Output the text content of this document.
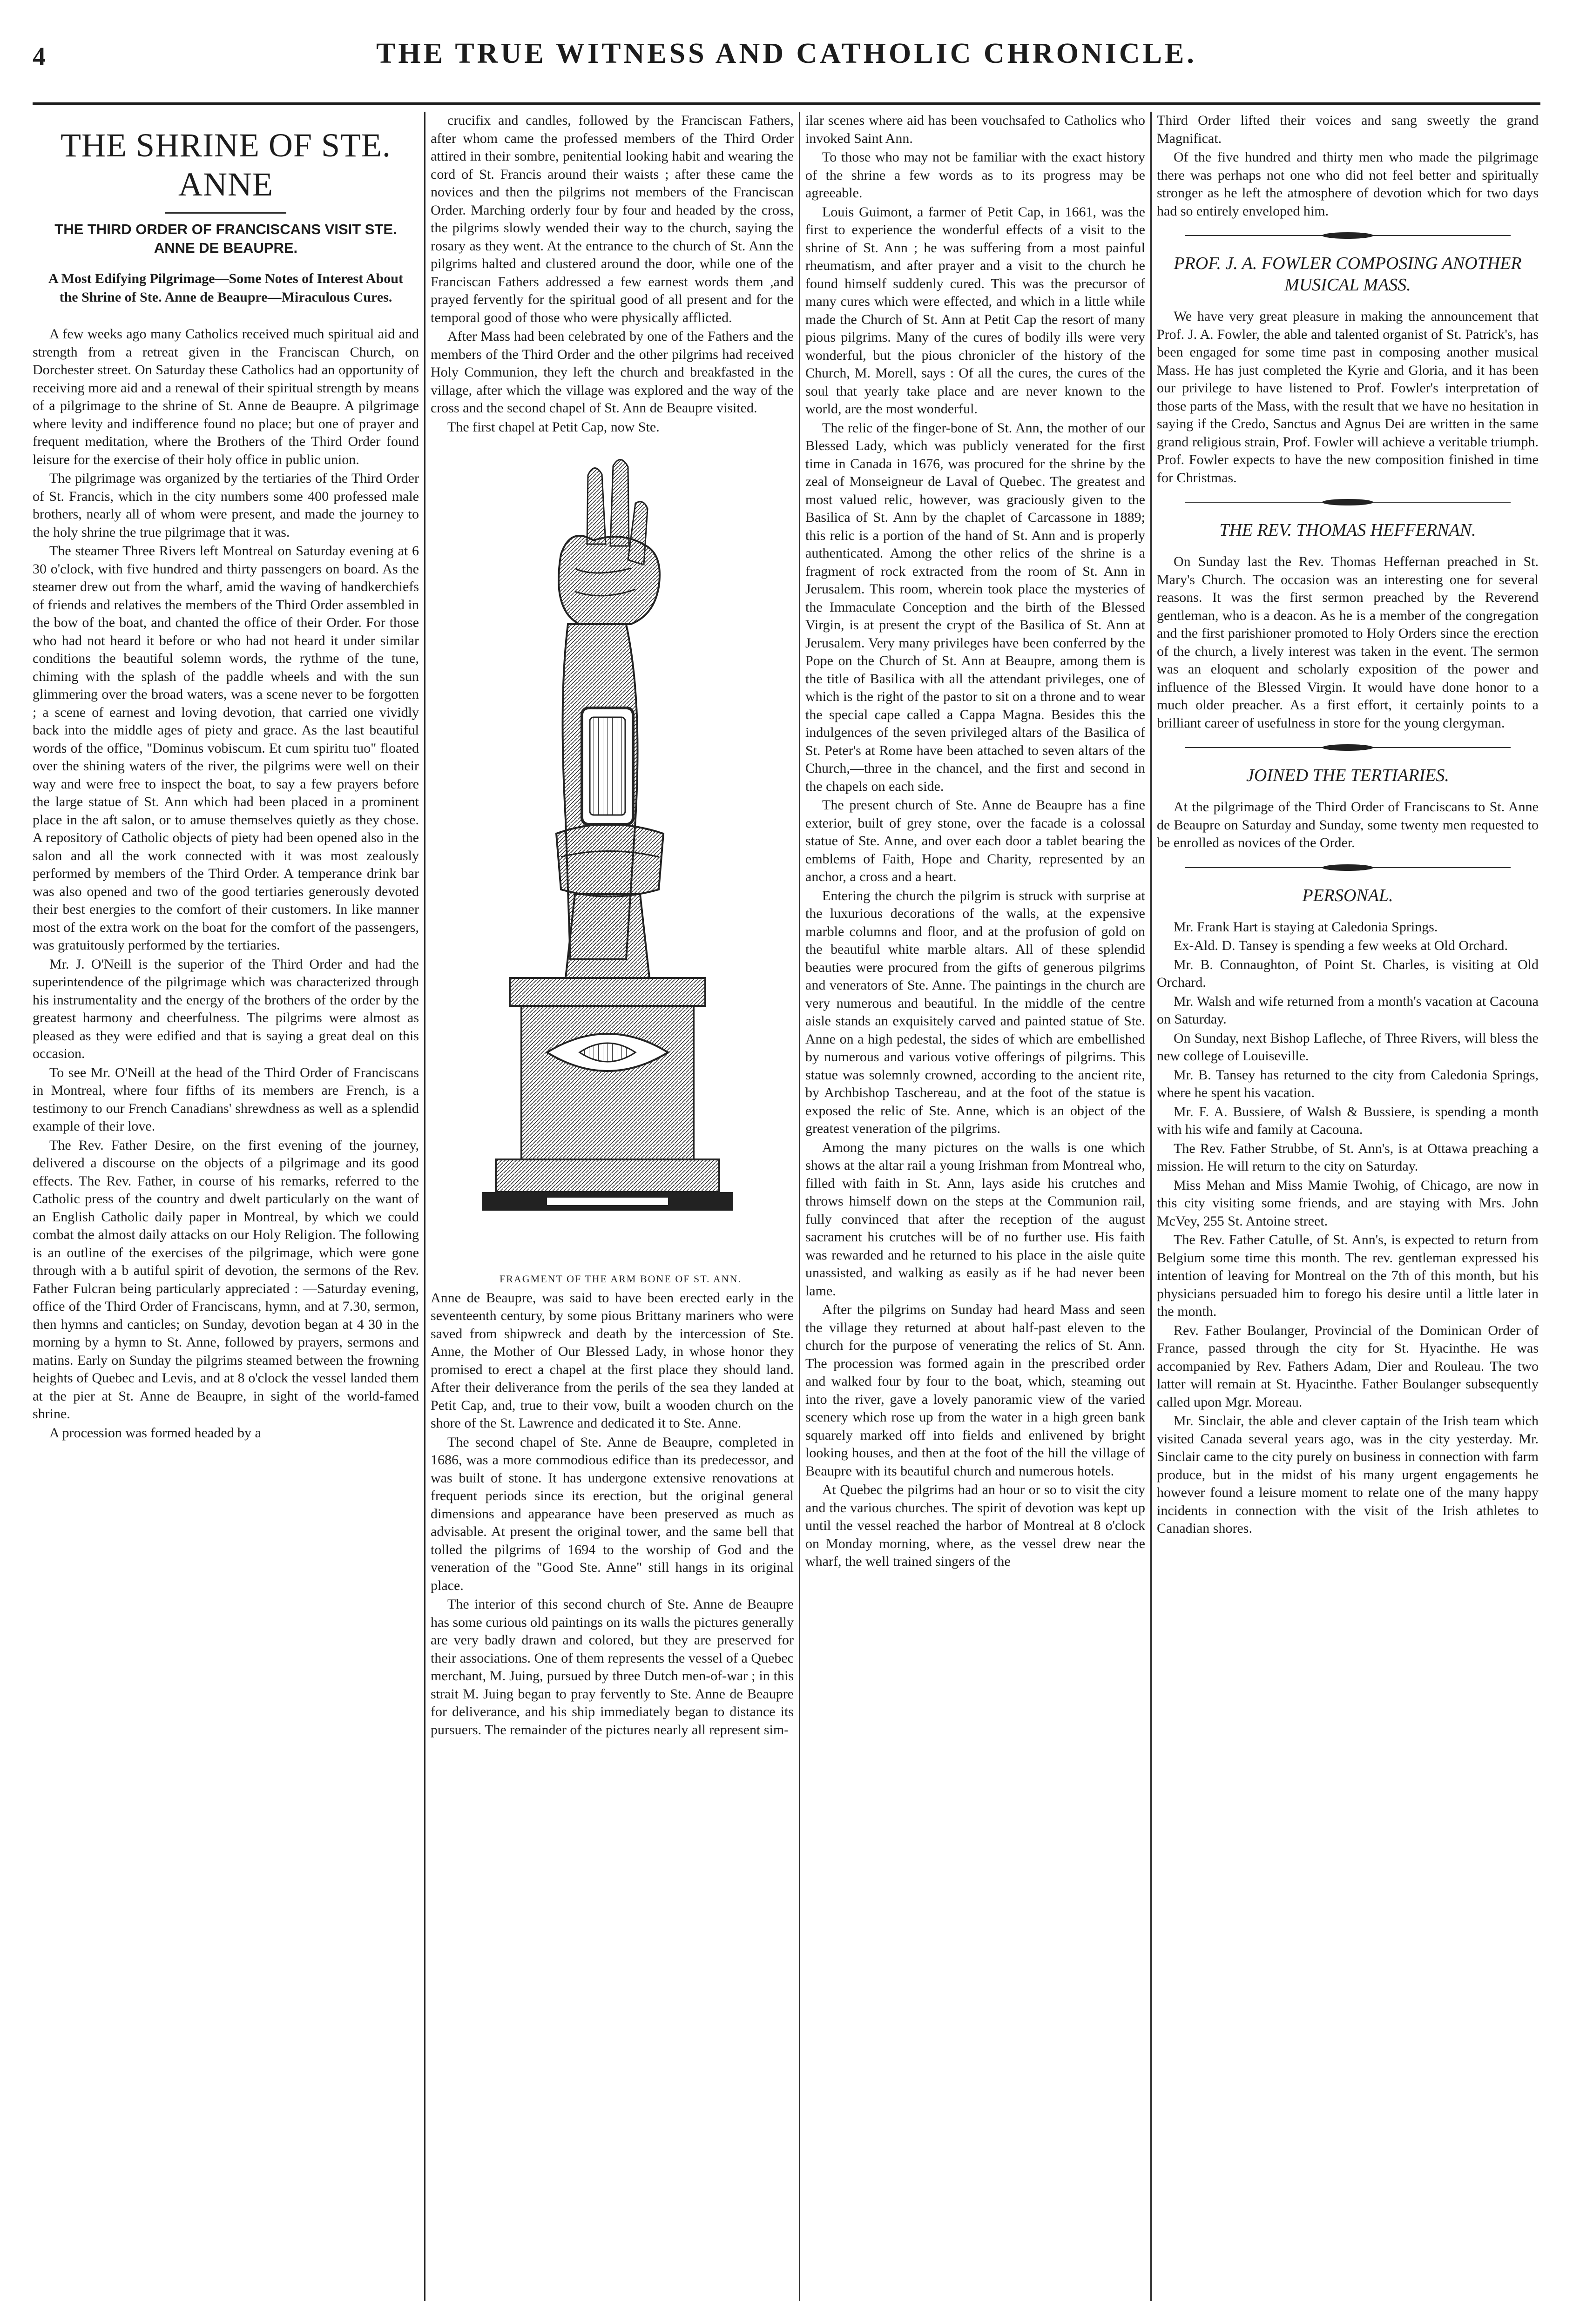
4	THE TRUE WITNESS AND CATHOLIC CHRONICLE.
THE SHRINE OF STE. ANNE
THE THIRD ORDER OF FRANCISCANS VISIT STE. ANNE DE BEAUPRE.
A Most Edifying Pilgrimage—Some Notes of Interest About the Shrine of Ste. Anne de Beaupre—Miraculous Cures.

A few weeks ago many Catholics received much spiritual aid and strength from a retreat given in the Franciscan Church, on Dorchester street. On Saturday these Catholics had an opportunity of receiving more aid and a renewal of their spiritual strength by means of a pilgrimage to the shrine of St. Anne de Beaupre. A pilgrimage where levity and indifference found no place; but one of prayer and frequent meditation, where the Brothers of the Third Order found leisure for the exercise of their holy office in public union.

The pilgrimage was organized by the tertiaries of the Third Order of St. Francis, which in the city numbers some 400 professed male brothers, nearly all of whom were present, and made the journey to the holy shrine the true pilgrimage that it was.

The steamer Three Rivers left Montreal on Saturday evening at 6 30 o'clock, with five hundred and thirty passengers on board. As the steamer drew out from the wharf, amid the waving of handkerchiefs of friends and relatives the members of the Third Order assembled in the bow of the boat, and chanted the office of their Order. For those who had not heard it before or who had not heard it under similar conditions the beautiful solemn words, the rythme of the tune, chiming with the splash of the paddle wheels and with the sun glimmering over the broad waters, was a scene never to be forgotten ; a scene of earnest and loving devotion, that carried one vividly back into the middle ages of piety and grace. As the last beautiful words of the office, "Dominus vobiscum. Et cum spiritu tuo" floated over the shining waters of the river, the pilgrims were well on their way and were free to inspect the boat, to say a few prayers before the large statue of St. Ann which had been placed in a prominent place in the aft salon, or to amuse themselves quietly as they chose. A repository of Catholic objects of piety had been opened also in the salon and all the work connected with it was most zealously performed by members of the Third Order. A temperance drink bar was also opened and two of the good tertiaries generously devoted their best energies to the comfort of their customers. In like manner most of the extra work on the boat for the comfort of the passengers, was gratuitously performed by the tertiaries.

Mr. J. O'Neill is the superior of the Third Order and had the superintendence of the pilgrimage which was characterized through his instrumentality and the energy of the brothers of the order by the greatest harmony and cheerfulness. The pilgrims were almost as pleased as they were edified and that is saying a great deal on this occasion.

To see Mr. O'Neill at the head of the Third Order of Franciscans in Montreal, where four fifths of its members are French, is a testimony to our French Canadians' shrewdness as well as a splendid example of their love.

The Rev. Father Desire, on the first evening of the journey, delivered a discourse on the objects of a pilgrimage and its good effects. The Rev. Father, in course of his remarks, referred to the Catholic press of the country and dwelt particularly on the want of an English Catholic daily paper in Montreal, by which we could combat the almost daily attacks on our Holy Religion. The following is an outline of the exercises of the pilgrimage, which were gone through with a b autiful spirit of devotion, the sermons of the Rev. Father Fulcran being particularly appreciated : —Saturday evening, office of the Third Order of Franciscans, hymn, and at 7.30, sermon, then hymns and canticles; on Sunday, devotion began at 4 30 in the morning by a hymn to St. Anne, followed by prayers, sermons and matins. Early on Sunday the pilgrims steamed between the frowning heights of Quebec and Levis, and at 8 o'clock the vessel landed them at the pier at St. Anne de Beaupre, in sight of the world-famed shrine.

A procession was formed headed by a

crucifix and candles, followed by the Franciscan Fathers, after whom came the professed members of the Third Order attired in their sombre, penitential looking habit and wearing the cord of St. Francis around their waists ; after these came the novices and then the pilgrims not members of the Franciscan Order. Marching orderly four by four and headed by the cross, the pilgrims slowly wended their way to the church, saying the rosary as they went. At the entrance to the church of St. Ann the pilgrims halted and clustered around the door, while one of the Franciscan Fathers addressed a few earnest words them ,and prayed fervently for the spiritual good of all present and for the temporal good of those who were physically afflicted.

After Mass had been celebrated by one of the Fathers and the members of the Third Order and the other pilgrims had received Holy Communion, they left the church and breakfasted in the village, after which the village was explored and the way of the cross and the second chapel of St. Ann de Beaupre visited.

The first chapel at Petit Cap, now Ste.

FRAGMENT OF THE ARM BONE OF ST. ANN.

Anne de Beaupre, was said to have been erected early in the seventeenth century, by some pious Brittany mariners who were saved from shipwreck and death by the intercession of Ste. Anne, the Mother of Our Blessed Lady, in whose honor they promised to erect a chapel at the first place they should land. After their deliverance from the perils of the sea they landed at Petit Cap, and, true to their vow, built a wooden church on the shore of the St. Lawrence and dedicated it to Ste. Anne.

The second chapel of Ste. Anne de Beaupre, completed in 1686, was a more commodious edifice than its predecessor, and was built of stone. It has undergone extensive renovations at frequent periods since its erection, but the original general dimensions and appearance have been preserved as much as advisable. At present the original tower, and the same bell that tolled the pilgrims of 1694 to the worship of God and the veneration of the "Good Ste. Anne" still hangs in its original place.

The interior of this second church of Ste. Anne de Beaupre has some curious old paintings on its walls the pictures generally are very badly drawn and colored, but they are preserved for their associations. One of them represents the vessel of a Quebec merchant, M. Juing, pursued by three Dutch men-of-war ; in this strait M. Juing began to pray fervently to Ste. Anne de Beaupre for deliverance, and his ship immediately began to distance its pursuers. The remainder of the pictures nearly all represent sim-

ilar scenes where aid has been vouchsafed to Catholics who invoked Saint Ann.

To those who may not be familiar with the exact history of the shrine a few words as to its progress may be agreeable.

Louis Guimont, a farmer of Petit Cap, in 1661, was the first to experience the wonderful effects of a visit to the shrine of St. Ann ; he was suffering from a most painful rheumatism, and after prayer and a visit to the church he found himself suddenly cured. This was the precursor of many cures which were effected, and which in a little while made the Church of St. Ann at Petit Cap the resort of many pious pilgrims. Many of the cures of bodily ills were very wonderful, but the pious chronicler of the history of the Church, M. Morell, says : Of all the cures, the cures of the soul that yearly take place and are never known to the world, are the most wonderful.

The relic of the finger-bone of St. Ann, the mother of our Blessed Lady, which was publicly venerated for the first time in Canada in 1676, was procured for the shrine by the zeal of Monseigneur de Laval of Quebec. The greatest and most valued relic, however, was graciously given to the Basilica of St. Ann by the chaplet of Carcassone in 1889; this relic is a portion of the hand of St. Ann and is properly authenticated. Among the other relics of the shrine is a fragment of rock extracted from the room of St. Ann in Jerusalem. This room, wherein took place the mysteries of the Immaculate Conception and the birth of the Blessed Virgin, is at present the crypt of the Basilica of St. Ann at Jerusalem. Very many privileges have been conferred by the Pope on the Church of St. Ann at Beaupre, among them is the title of Basilica with all the attendant privileges, one of which is the right of the pastor to sit on a throne and to wear the special cape called a Cappa Magna. Besides this the indulgences of the seven privileged altars of the Basilica of St. Peter's at Rome have been attached to seven altars of the Church,—three in the chancel, and the first and second in the chapels on each side.

The present church of Ste. Anne de Beaupre has a fine exterior, built of grey stone, over the facade is a colossal statue of Ste. Anne, and over each door a tablet bearing the emblems of Faith, Hope and Charity, represented by an anchor, a cross and a heart.

Entering the church the pilgrim is struck with surprise at the luxurious decorations of the walls, at the expensive marble columns and floor, and at the profusion of gold on the beautiful white marble altars. All of these splendid beauties were procured from the gifts of generous pilgrims and venerators of Ste. Anne. The paintings in the church are very numerous and beautiful. In the middle of the centre aisle stands an exquisitely carved and painted statue of Ste. Anne on a high pedestal, the sides of which are embellished by numerous and various votive offerings of pilgrims. This statue was solemnly crowned, according to the ancient rite, by Archbishop Taschereau, and at the foot of the statue is exposed the relic of Ste. Anne, which is an object of the greatest veneration of the pilgrims.

Among the many pictures on the walls is one which shows at the altar rail a young Irishman from Montreal who, filled with faith in St. Ann, lays aside his crutches and throws himself down on the steps at the Communion rail, fully convinced that after the reception of the august sacrament his crutches will be of no further use. His faith was rewarded and he returned to his place in the aisle quite unassisted, and walking as easily as if he had never been lame.

After the pilgrims on Sunday had heard Mass and seen the village they returned at about half-past eleven to the church for the purpose of venerating the relics of St. Ann. The procession was formed again in the prescribed order and walked four by four to the boat, which, steaming out into the river, gave a lovely panoramic view of the varied scenery which rose up from the water in a high green bank squarely marked off into fields and enlivened by bright looking houses, and then at the foot of the hill the village of Beaupre with its beautiful church and numerous hotels.

At Quebec the pilgrims had an hour or so to visit the city and the various churches. The spirit of devotion was kept up until the vessel reached the harbor of Montreal at 8 o'clock on Monday morning, where, as the vessel drew near the wharf, the well trained singers of the

Third Order lifted their voices and sang sweetly the grand Magnificat.

Of the five hundred and thirty men who made the pilgrimage there was perhaps not one who did not feel better and spiritually stronger as he left the atmosphere of devotion which for two days had so entirely enveloped him.

PROF. J. A. FOWLER COMPOSING ANOTHER MUSICAL MASS.

We have very great pleasure in making the announcement that Prof. J. A. Fowler, the able and talented organist of St. Patrick's, has been engaged for some time past in composing another musical Mass. He has just completed the Kyrie and Gloria, and it has been our privilege to have listened to Prof. Fowler's interpretation of those parts of the Mass, with the result that we have no hesitation in saying if the Credo, Sanctus and Agnus Dei are written in the same grand religious strain, Prof. Fowler will achieve a veritable triumph. Prof. Fowler expects to have the new composition finished in time for Christmas.

THE REV. THOMAS HEFFERNAN.

On Sunday last the Rev. Thomas Heffernan preached in St. Mary's Church. The occasion was an interesting one for several reasons. It was the first sermon preached by the Reverend gentleman, who is a deacon. As he is a member of the congregation and the first parishioner promoted to Holy Orders since the erection of the church, a lively interest was taken in the event. The sermon was an eloquent and scholarly exposition of the power and influence of the Blessed Virgin. It would have done honor to a much older preacher. As a first effort, it certainly points to a brilliant career of usefulness in store for the young clergyman.

JOINED THE TERTIARIES.

At the pilgrimage of the Third Order of Franciscans to St. Anne de Beaupre on Saturday and Sunday, some twenty men requested to be enrolled as novices of the Order.

PERSONAL.

Mr. Frank Hart is staying at Caledonia Springs.

Ex-Ald. D. Tansey is spending a few weeks at Old Orchard.

Mr. B. Connaughton, of Point St. Charles, is visiting at Old Orchard.

Mr. Walsh and wife returned from a month's vacation at Cacouna on Saturday.

On Sunday, next Bishop Lafleche, of Three Rivers, will bless the new college of Louiseville.

Mr. B. Tansey has returned to the city from Caledonia Springs, where he spent his vacation.

Mr. F. A. Bussiere, of Walsh & Bussiere, is spending a month with his wife and family at Cacouna.

The Rev. Father Strubbe, of St. Ann's, is at Ottawa preaching a mission. He will return to the city on Saturday.

Miss Mehan and Miss Mamie Twohig, of Chicago, are now in this city visiting some friends, and are staying with Mrs. John McVey, 255 St. Antoine street.

The Rev. Father Catulle, of St. Ann's, is expected to return from Belgium some time this month. The rev. gentleman expressed his intention of leaving for Montreal on the 7th of this month, but his physicians persuaded him to forego his desire until a little later in the month.

Rev. Father Boulanger, Provincial of the Dominican Order of France, passed through the city for St. Hyacinthe. He was accompanied by Rev. Fathers Adam, Dier and Rouleau. The two latter will remain at St. Hyacinthe. Father Boulanger subsequently called upon Mgr. Moreau.

Mr. Sinclair, the able and clever captain of the Irish team which visited Canada several years ago, was in the city yesterday. Mr. Sinclair came to the city purely on business in connection with farm produce, but in the midst of his many urgent engagements he however found a leisure moment to relate one of the many happy incidents in connection with the visit of the Irish athletes to Canadian shores.
